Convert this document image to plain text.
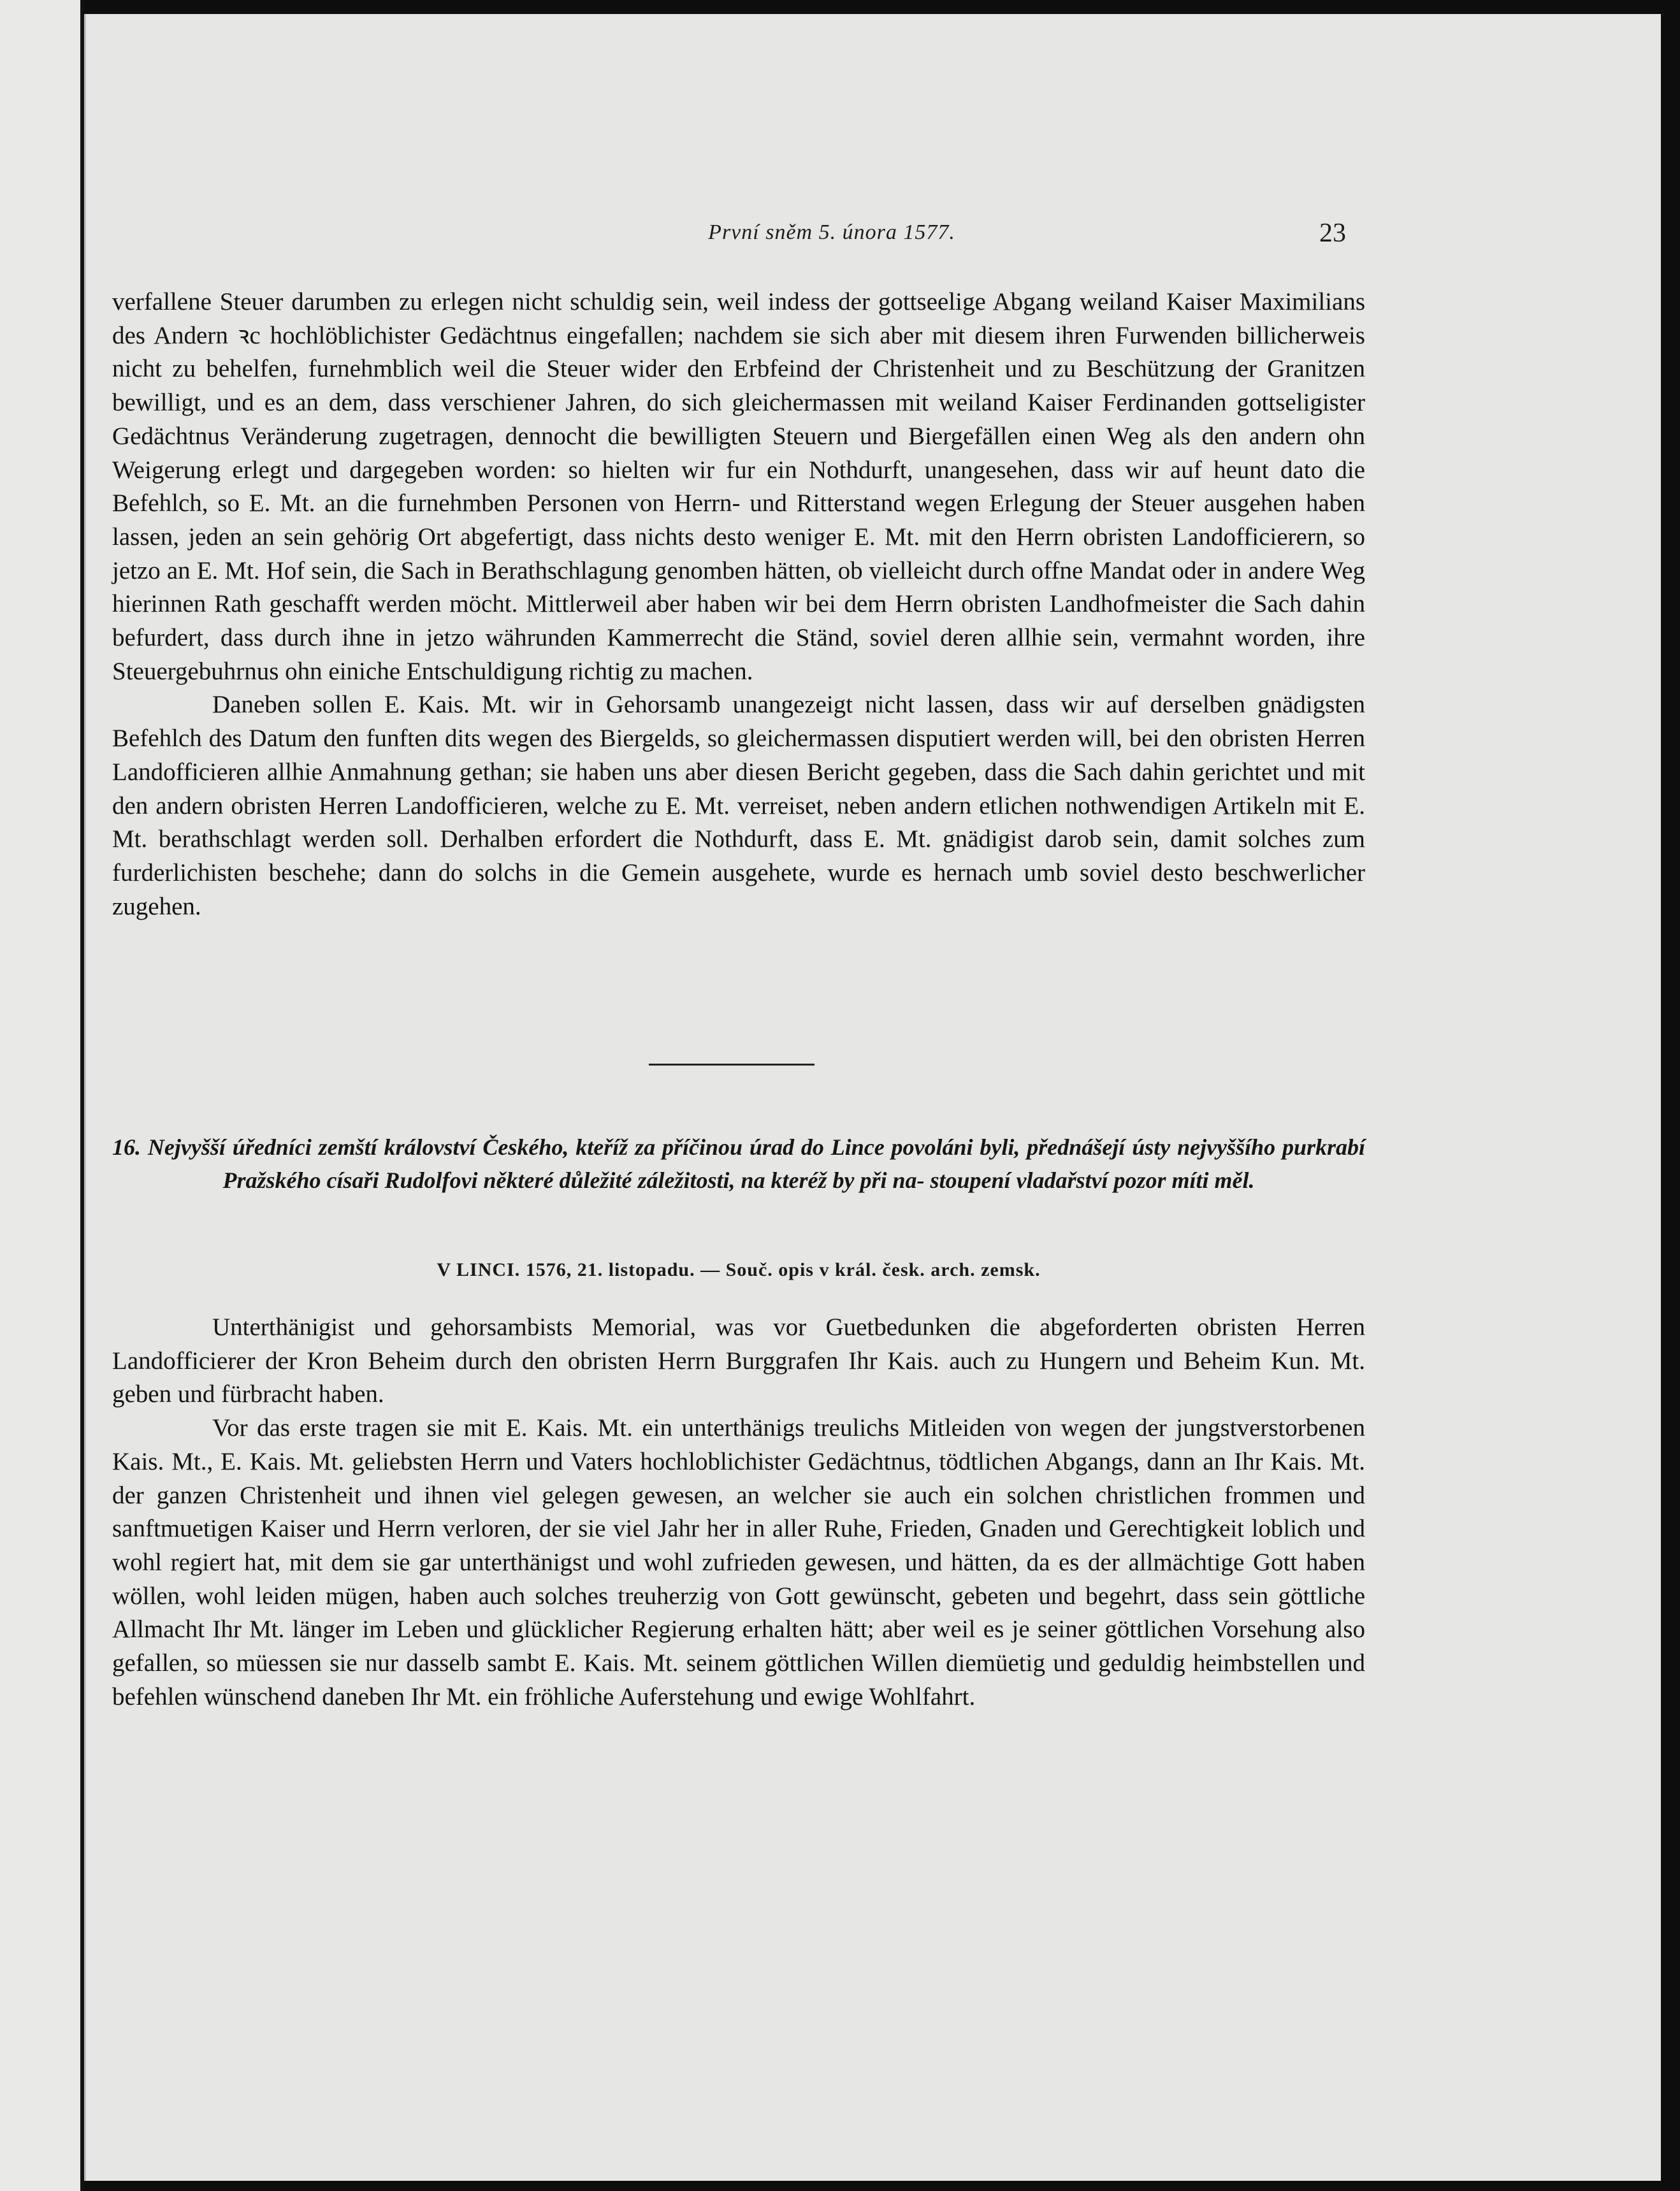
První sněm 5. února 1577.	23

verfallene Steuer darumben zu erlegen nicht schuldig sein, weil indess der gottseelige Abgang weiland Kaiser Maximilians des Andern ꝛc hochlöblichister Gedächtnus eingefallen; nachdem sie sich aber mit diesem ihren Furwenden billicherweis nicht zu behelfen, furnehmblich weil die Steuer wider den Erbfeind der Christenheit und zu Beschützung der Granitzen bewilligt, und es an dem, dass verschiener Jahren, do sich gleichermassen mit weiland Kaiser Ferdinanden gottseligister Gedächtnus Veränderung zugetragen, dennocht die bewilligten Steuern und Biergefällen einen Weg als den andern ohn Weigerung erlegt und dargegeben worden: so hielten wir fur ein Nothdurft, unangesehen, dass wir auf heunt dato die Befehlch, so E. Mt. an die furnehmben Personen von Herrn- und Ritterstand wegen Erlegung der Steuer ausgehen haben lassen, jeden an sein gehörig Ort abgefertigt, dass nichts desto weniger E. Mt. mit den Herrn obristen Landofficierern, so jetzo an E. Mt. Hof sein, die Sach in Berathschlagung genomben hätten, ob vielleicht durch offne Mandat oder in andere Weg hierinnen Rath geschafft werden möcht. Mittlerweil aber haben wir bei dem Herrn obristen Landhofmeister die Sach dahin befurdert, dass durch ihne in jetzo währunden Kammerrecht die Ständ, soviel deren allhie sein, vermahnt worden, ihre Steuergebuhrnus ohn einiche Entschuldigung richtig zu machen.

Daneben sollen E. Kais. Mt. wir in Gehorsamb unangezeigt nicht lassen, dass wir auf derselben gnädigsten Befehlch des Datum den funften dits wegen des Biergelds, so gleichermassen disputiert werden will, bei den obristen Herren Landofficieren allhie Anmahnung gethan; sie haben uns aber diesen Bericht gegeben, dass die Sach dahin gerichtet und mit den andern obristen Herren Landofficieren, welche zu E. Mt. verreiset, neben andern etlichen nothwendigen Artikeln mit E. Mt. berathschlagt werden soll. Derhalben erfordert die Nothdurft, dass E. Mt. gnädigist darob sein, damit solches zum furderlichisten beschehe; dann do solchs in die Gemein ausgehete, wurde es hernach umb soviel desto beschwerlicher zugehen.

16. Nejvyšší úředníci zemští království Českého, kteříž za příčinou úrad do Lince povoláni byli, přednášejí ústy nejvyššího purkrabí Pražského císaři Rudolfovi některé důležité záležitosti, na kteréž by při na- stoupení vladařství pozor míti měl.
V LINCI. 1576, 21. listopadu. — Souč. opis v král. česk. arch. zemsk.

Unterthänigist und gehorsambists Memorial, was vor Guetbedunken die abgeforderten obristen Herren Landofficierer der Kron Beheim durch den obristen Herrn Burggrafen Ihr Kais. auch zu Hungern und Beheim Kun. Mt. geben und fürbracht haben.

Vor das erste tragen sie mit E. Kais. Mt. ein unterthänigs treulichs Mitleiden von wegen der jungstverstorbenen Kais. Mt., E. Kais. Mt. geliebsten Herrn und Vaters hochloblichister Gedächtnus, tödtlichen Abgangs, dann an Ihr Kais. Mt. der ganzen Christenheit und ihnen viel gelegen gewesen, an welcher sie auch ein solchen christlichen frommen und sanftmuetigen Kaiser und Herrn verloren, der sie viel Jahr her in aller Ruhe, Frieden, Gnaden und Gerechtigkeit loblich und wohl regiert hat, mit dem sie gar unterthänigst und wohl zufrieden gewesen, und hätten, da es der allmächtige Gott haben wöllen, wohl leiden mügen, haben auch solches treuherzig von Gott gewünscht, gebeten und begehrt, dass sein göttliche Allmacht Ihr Mt. länger im Leben und glücklicher Regierung erhalten hätt; aber weil es je seiner göttlichen Vorsehung also gefallen, so müessen sie nur dasselb sambt E. Kais. Mt. seinem göttlichen Willen diemüetig und geduldig heimbstellen und befehlen wünschend daneben Ihr Mt. ein fröhliche Auferstehung und ewige Wohlfahrt.
